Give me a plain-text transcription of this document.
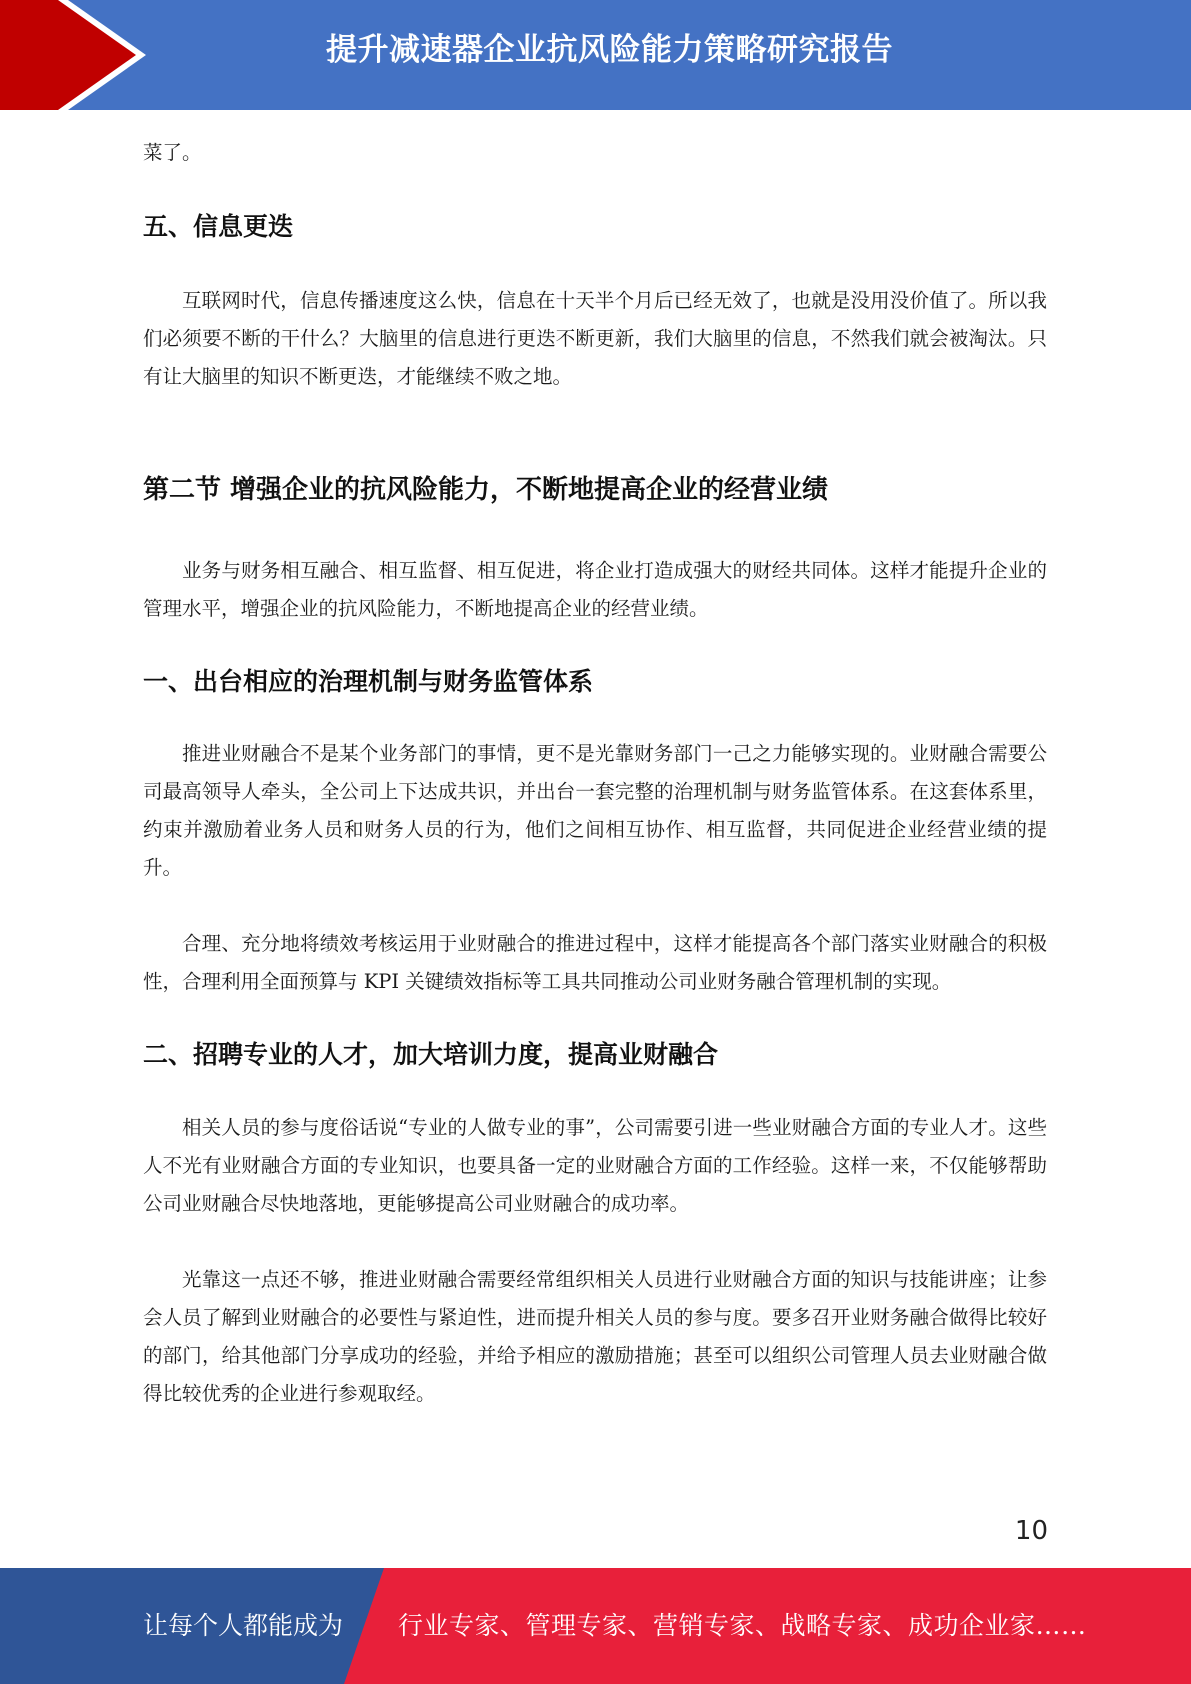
提升减速器企业抗风险能力策略研究报告

菜了。

五、信息更迭

互联网时代，信息传播速度这么快，信息在十天半个月后已经无效了，也就是没用没价值了。所以我们必须要不断的干什么？大脑里的信息进行更迭不断更新，我们大脑里的信息，不然我们就会被淘汰。只有让大脑里的知识不断更迭，才能继续不败之地。

第二节 增强企业的抗风险能力，不断地提高企业的经营业绩

业务与财务相互融合、相互监督、相互促进，将企业打造成强大的财经共同体。这样才能提升企业的管理水平，增强企业的抗风险能力，不断地提高企业的经营业绩。

一、出台相应的治理机制与财务监管体系

推进业财融合不是某个业务部门的事情，更不是光靠财务部门一己之力能够实现的。业财融合需要公司最高领导人牵头，全公司上下达成共识，并出台一套完整的治理机制与财务监管体系。在这套体系里，约束并激励着业务人员和财务人员的行为，他们之间相互协作、相互监督，共同促进企业经营业绩的提升。

合理、充分地将绩效考核运用于业财融合的推进过程中，这样才能提高各个部门落实业财融合的积极性，合理利用全面预算与 KPI 关键绩效指标等工具共同推动公司业财务融合管理机制的实现。

二、招聘专业的人才，加大培训力度，提高业财融合

相关人员的参与度俗话说“专业的人做专业的事”，公司需要引进一些业财融合方面的专业人才。这些人不光有业财融合方面的专业知识，也要具备一定的业财融合方面的工作经验。这样一来，不仅能够帮助公司业财融合尽快地落地，更能够提高公司业财融合的成功率。

光靠这一点还不够，推进业财融合需要经常组织相关人员进行业财融合方面的知识与技能讲座；让参会人员了解到业财融合的必要性与紧迫性，进而提升相关人员的参与度。要多召开业财务融合做得比较好的部门，给其他部门分享成功的经验，并给予相应的激励措施；甚至可以组织公司管理人员去业财融合做得比较优秀的企业进行参观取经。

10
让每个人都能成为 行业专家、管理专家、营销专家、战略专家、成功企业家……
